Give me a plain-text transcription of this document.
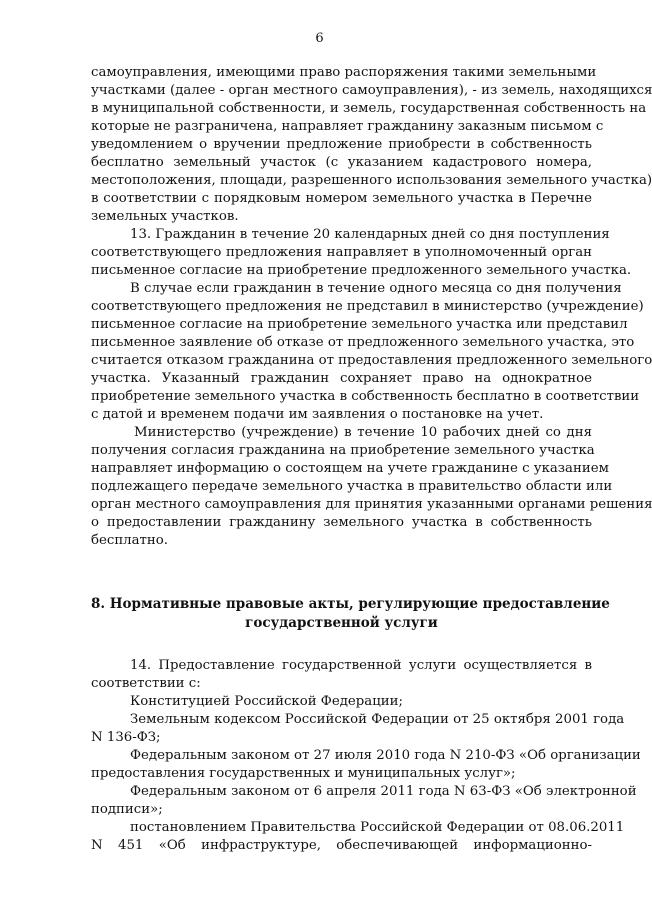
6
самоуправления, имеющими право распоряжения такими земельными
участками (далее - орган местного самоуправления), - из земель, находящихся
в муниципальной собственности, и земель, государственная собственность на
которые не разграничена, направляет гражданину заказным письмом с
уведомлением о вручении предложение приобрести в собственность
бесплатно земельный участок (с указанием кадастрового номера,
местоположения, площади, разрешенного использования земельного участка)
в соответствии с порядковым номером земельного участка в Перечне
земельных участков.
13. Гражданин в течение 20 календарных дней со дня поступления
соответствующего предложения направляет в уполномоченный орган
письменное согласие на приобретение предложенного земельного участка.
В случае если гражданин в течение одного месяца со дня получения
соответствующего предложения не представил в министерство (учреждение)
письменное согласие на приобретение земельного участка или представил
письменное заявление об отказе от предложенного земельного участка, это
считается отказом гражданина от предоставления предложенного земельного
участка. Указанный гражданин сохраняет право на однократное
приобретение земельного участка в собственность бесплатно в соответствии
с датой и временем подачи им заявления о постановке на учет.
Министерство (учреждение) в течение 10 рабочих дней со дня
получения согласия гражданина на приобретение земельного участка
направляет информацию о состоящем на учете гражданине с указанием
подлежащего передаче земельного участка в правительство области или
орган местного самоуправления для принятия указанными органами решения
о предоставлении гражданину земельного участка в собственность
бесплатно.
8. Нормативные правовые акты, регулирующие предоставление
государственной услуги
14. Предоставление государственной услуги осуществляется в
соответствии с:
Конституцией Российской Федерации;
Земельным кодексом Российской Федерации от 25 октября 2001 года
N 136-ФЗ;
Федеральным законом от 27 июля 2010 года N 210-ФЗ «Об организации
предоставления государственных и муниципальных услуг»;
Федеральным законом от 6 апреля 2011 года N 63-ФЗ «Об электронной
подписи»;
постановлением Правительства Российской Федерации от 08.06.2011
N 451 «Об инфраструктуре, обеспечивающей информационно-
